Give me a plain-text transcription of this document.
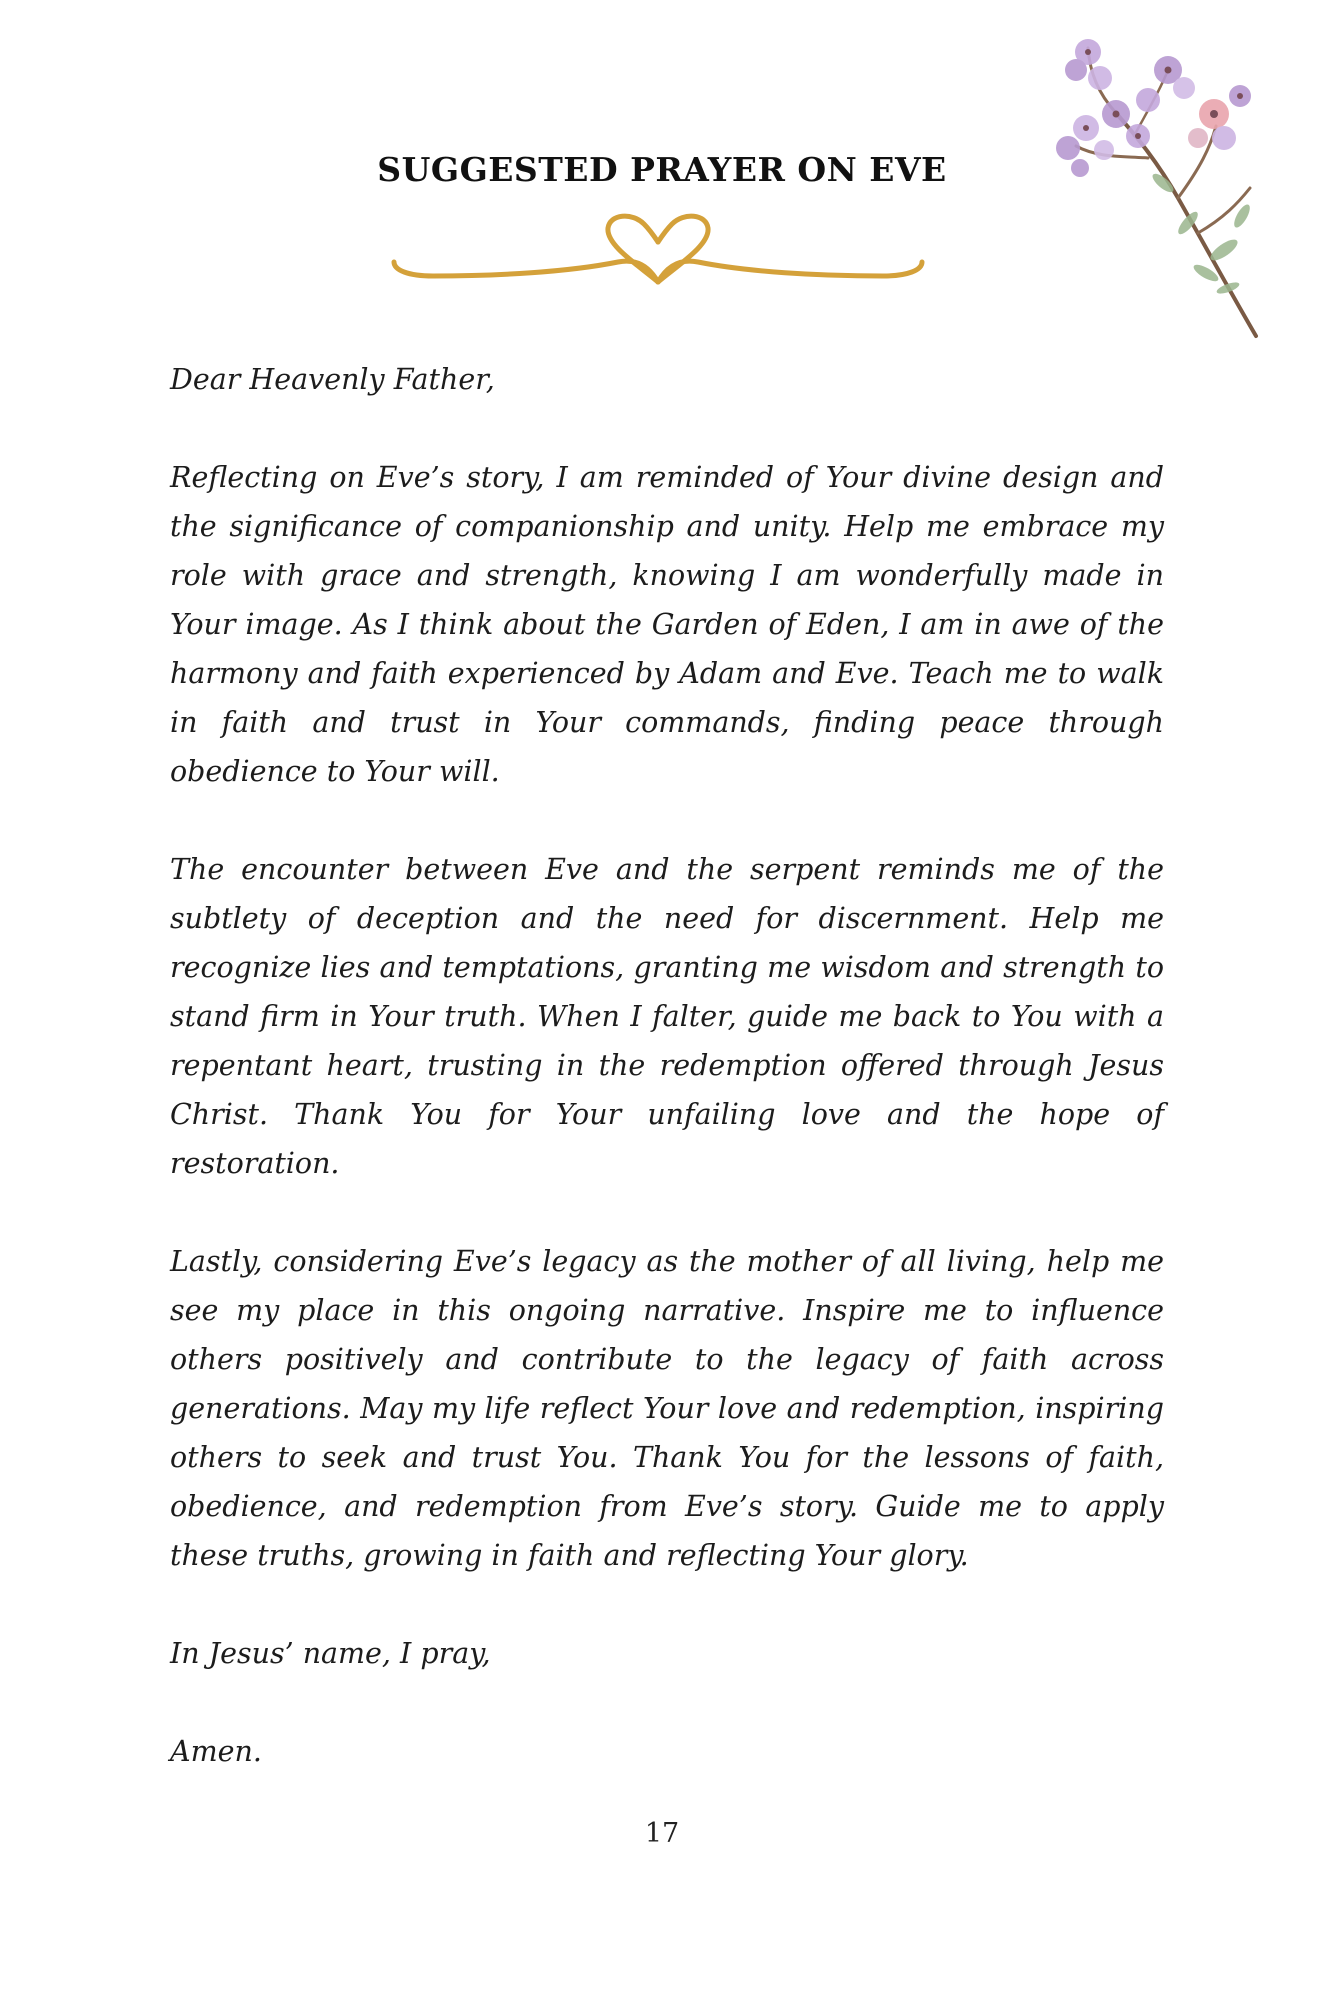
SUGGESTED PRAYER ON EVE

Dear Heavenly Father,

Reflecting on Eve’s story, I am reminded of Your divine design and the significance of companionship and unity. Help me embrace my role with grace and strength, knowing I am wonderfully made in Your image. As I think about the Garden of Eden, I am in awe of the harmony and faith experienced by Adam and Eve. Teach me to walk in faith and trust in Your commands, finding peace through obedience to Your will.

The encounter between Eve and the serpent reminds me of the subtlety of deception and the need for discernment. Help me recognize lies and temptations, granting me wisdom and strength to stand firm in Your truth. When I falter, guide me back to You with a repentant heart, trusting in the redemption offered through Jesus Christ. Thank You for Your unfailing love and the hope of restoration.

Lastly, considering Eve’s legacy as the mother of all living, help me see my place in this ongoing narrative. Inspire me to influence others positively and contribute to the legacy of faith across generations. May my life reflect Your love and redemption, inspiring others to seek and trust You. Thank You for the lessons of faith, obedience, and redemption from Eve’s story. Guide me to apply these truths, growing in faith and reflecting Your glory.

In Jesus’ name, I pray,

Amen.

17
